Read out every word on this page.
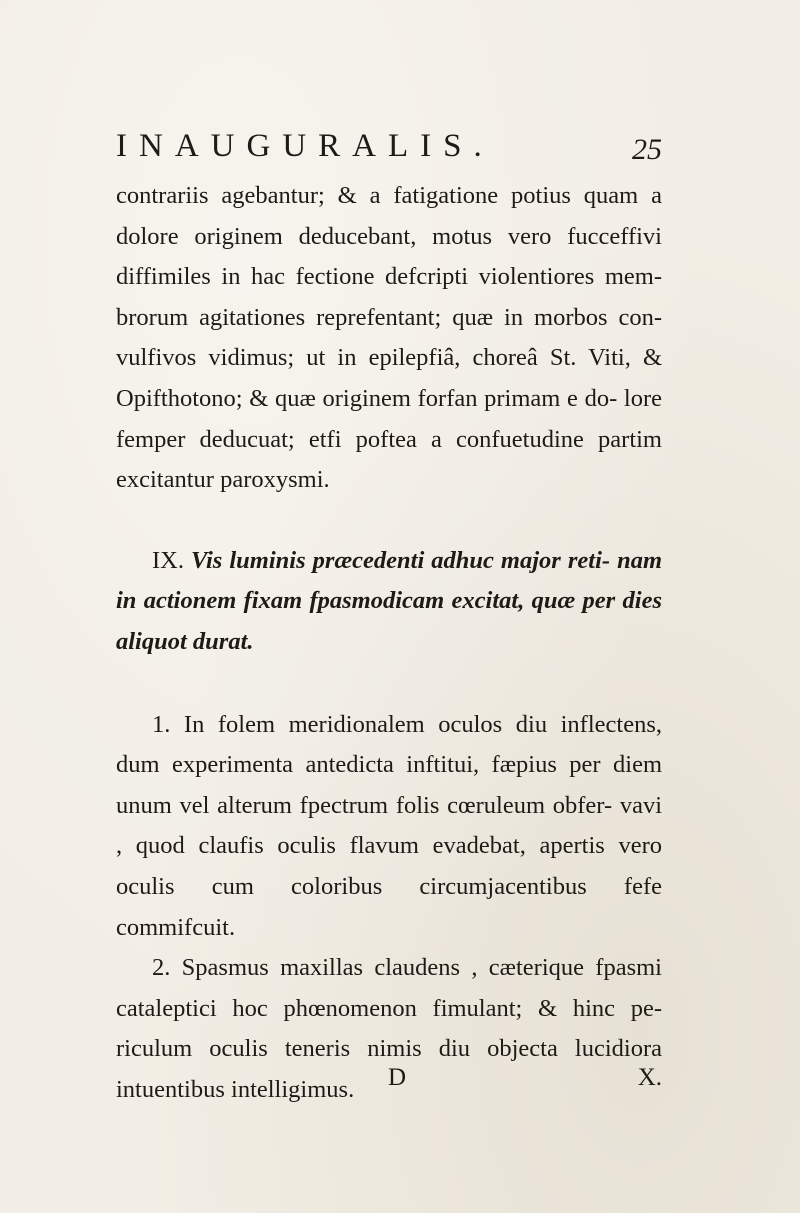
INAUGURALIS.	25

contrariis agebantur; & a fatigatione potius quam a dolore originem deducebant, motus vero fucceffivi diffimiles in hac fectione defcripti violentiores mem- brorum agitationes reprefentant; quæ in morbos con- vulfivos vidimus; ut in epilepfiâ, choreâ St. Viti, & Opifthotono; & quæ originem forfan primam e do- lore femper deducuat; etfi poftea a confuetudine partim excitantur paroxysmi.

IX. Vis luminis præcedenti adhuc major reti- nam in actionem fixam fpasmodicam excitat, quæ per dies aliquot durat.

1. In folem meridionalem oculos diu inflectens, dum experimenta antedicta inftitui, fæpius per diem unum vel alterum fpectrum folis cœruleum obfer- vavi , quod claufis oculis flavum evadebat, apertis vero oculis cum coloribus circumjacentibus fefe commifcuit.

2. Spasmus maxillas claudens , cæterique fpasmi cataleptici hoc phœnomenon fimulant; & hinc pe- riculum oculis teneris nimis diu objecta lucidiora intuentibus intelligimus.	D	X.
